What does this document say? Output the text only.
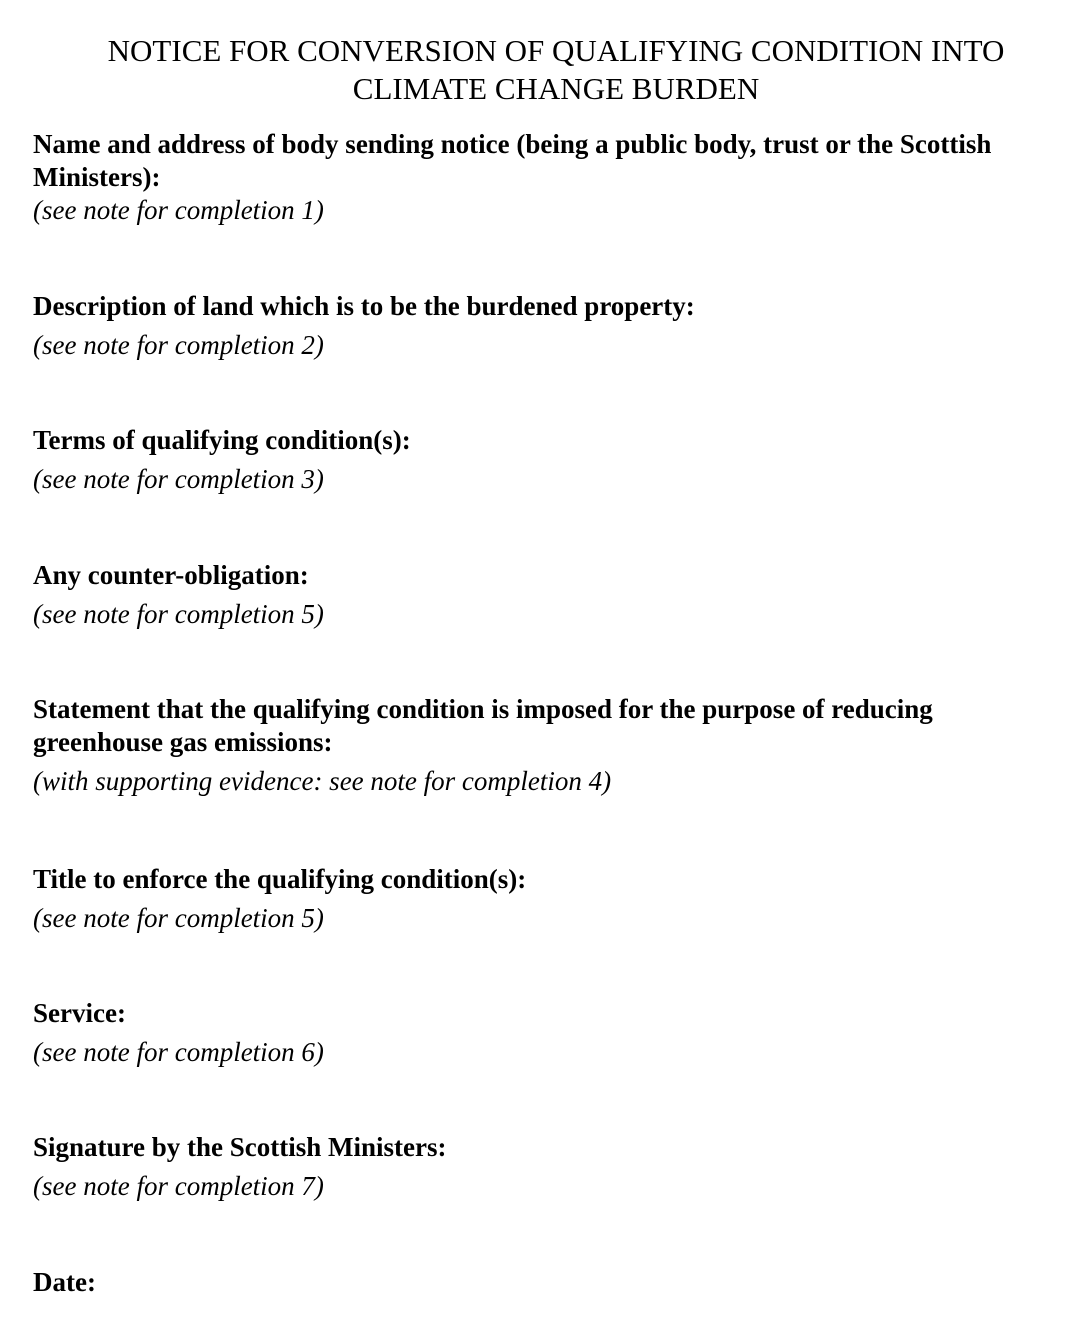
NOTICE FOR CONVERSION OF QUALIFYING CONDITION INTO
CLIMATE CHANGE BURDEN

Name and address of body sending notice (being a public body, trust or the Scottish Ministers):

(see note for completion 1)

Description of land which is to be the burdened property:

(see note for completion 2)

Terms of qualifying condition(s):

(see note for completion 3)

Any counter-obligation:

(see note for completion 5)

Statement that the qualifying condition is imposed for the purpose of reducing greenhouse gas emissions:

(with supporting evidence: see note for completion 4)

Title to enforce the qualifying condition(s):

(see note for completion 5)

Service:

(see note for completion 6)

Signature by the Scottish Ministers:

(see note for completion 7)

Date:
